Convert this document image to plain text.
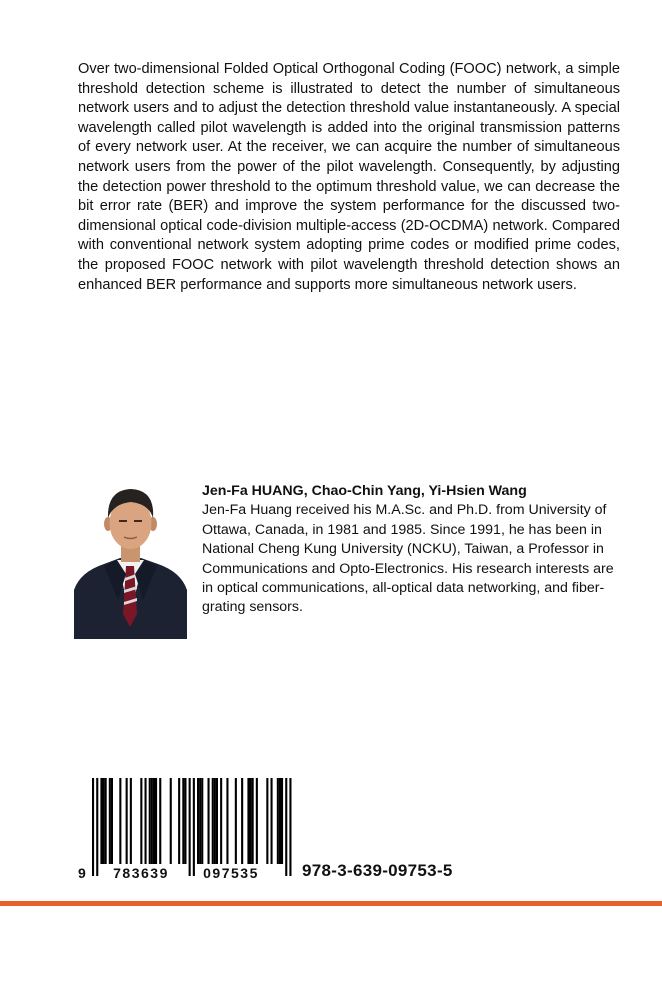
Over two-dimensional Folded Optical Orthogonal Coding (FOOC) network, a simple threshold detection scheme is illustrated to detect the number of simultaneous network users and to adjust the detection threshold value instantaneously. A special wavelength called pilot wavelength is added into the original transmission patterns of every network user. At the receiver, we can acquire the number of simultaneous network users from the power of the pilot wavelength. Consequently, by adjusting the detection power threshold to the optimum threshold value, we can decrease the bit error rate (BER) and improve the system performance for the discussed two- dimensional optical code-division multiple-access (2D-OCDMA) network. Compared with conventional network system adopting prime codes or modified prime codes, the proposed FOOC network with pilot wavelength threshold detection shows an enhanced BER performance and supports more simultaneous network users.

Jen-Fa HUANG, Chao-Chin Yang, Yi-Hsien Wang

Jen-Fa Huang received his M.A.Sc. and Ph.D. from University of Ottawa, Canada, in 1981 and 1985. Since 1991, he has been in National Cheng Kung University (NCKU), Taiwan, a Professor in Communications and Opto-Electronics. His research interests are in optical communications, all-optical data networking, and fiber-grating sensors.

9 783639 097535	978-3-639-09753-5
